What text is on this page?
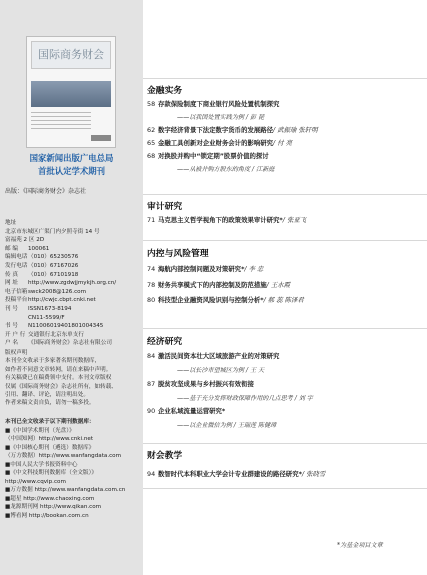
国际商务财会
国家新闻出版广电总局
首批认定学术期刊
出版：《国际商务财会》杂志社
地址
北京市东城区广渠门内夕照寺街 14 号
富福苑 2 区 2D
邮 编	100061
编辑电话 （010）65230576
发行电话 （010）67167026
传 真	（010）67101918
网 址	http://www.zgdwjjmykjh.org.cn/
电子信箱 swck2008@126.com
投稿平台 http://cwjc.cbpt.cnki.net
刊 号	ISSN1673-8194
CN11-5599/F
书 号	N11006019401801004345
开 户 行 交通银行北京东单支行
户 名	《国际商务财会》杂志社有限公司
版权声明
本刊全文收录于多家著名期刊数据库，
如作者不同意文章转网，请在来稿中声明。
有关稿费已在稿费领中支付。本刊文章版权
仅属《国际商务财会》杂志社所有，如转载、
引用、翻译、评论，请注明出处。
作者来稿文责自负，请勿一稿多投。
本刊已全文收录于以下期刊数据库：
■《中国学术期刊（光盘）》
（中国知网）http://www.cnki.net
■《中国核心期刊（遴选）数据库》
（万方数据）http://www.wanfangdata.com
■中国人民大学书报资料中心
■《中文科技期刊数据库（全文版）》
http://www.cqvip.com
■万方数据 http://www.wanfangdata.com.cn
■超星 http://www.chaoxing.com
■龙源期刊网 http://www.qikan.com
■博看网 http://bookan.com.cn
金融实务
58 存款保险制度下商业银行风险处置机制探究
——以我国处置实践为例 / 彭 琵
62 数字经济背景下法定数字货币的发展路径/ 武振瑜 张轩明
65 金融工具创新对企业财务会计的影响研究/ 付 亮
68 对换股并购中“锁定期”股票价值的探讨
——从被并购方股东的角度 / 江新庭
审计研究
71 马克思主义哲学视角下的政策效果审计研究*/ 张亚飞
内控与风险管理
74 海航内部控制问题及对策研究*/ 李 忠
78 财务共享模式下的内部控制及防范措施/ 王水霞
80 科技型企业融资风险识别与控制分析*/ 郝 蕊 陈泽君
经济研究
84 激活民间资本壮大区域旅游产业的对策研究
——以长沙市望城区为例 / 王 天
87 脱贫攻坚成果与乡村振兴有效衔接
——基于充分发挥财政保障作用的几点思考 / 刘 宇
90 企业私域流量运营研究*
——以企业微信为例 / 王瑞莲 陈健璋
财会教学
94 数智时代本科职业大学会计专业群建设的路径研究*/ 张晓雪
*为基金项目文章
